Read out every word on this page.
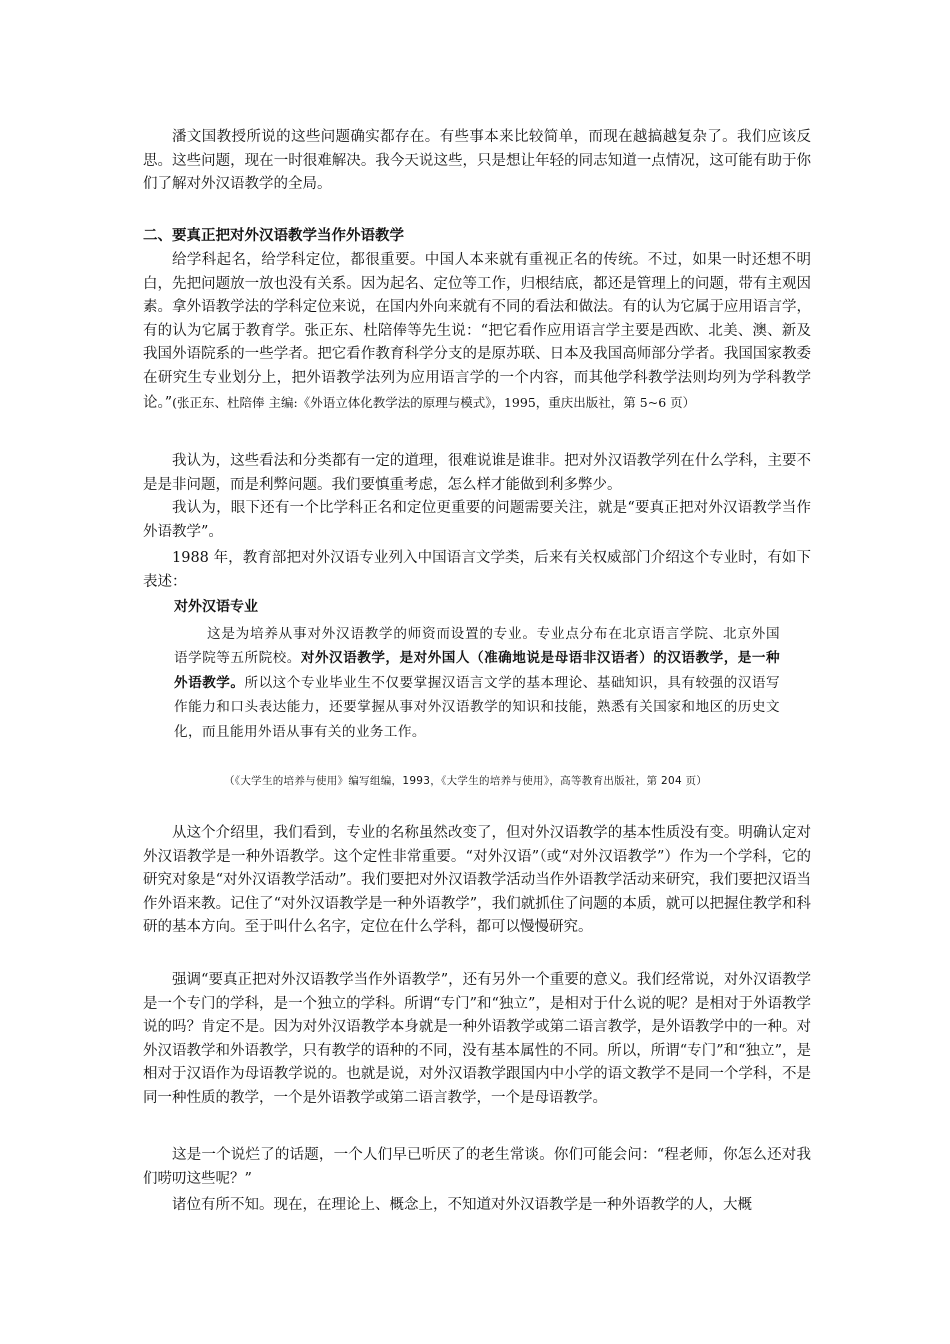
潘文国教授所说的这些问题确实都存在。有些事本来比较简单，而现在越搞越复杂了。我们应该反思。这些问题，现在一时很难解决。我今天说这些，只是想让年轻的同志知道一点情况，这可能有助于你们了解对外汉语教学的全局。

二、要真正把对外汉语教学当作外语教学

给学科起名，给学科定位，都很重要。中国人本来就有重视正名的传统。不过，如果一时还想不明白，先把问题放一放也没有关系。因为起名、定位等工作，归根结底，都还是管理上的问题，带有主观因素。拿外语教学法的学科定位来说，在国内外向来就有不同的看法和做法。有的认为它属于应用语言学，有的认为它属于教育学。张正东、杜陪俸等先生说：“把它看作应用语言学主要是西欧、北美、澳、新及我国外语院系的一些学者。把它看作教育科学分支的是原苏联、日本及我国高师部分学者。我国国家教委在研究生专业划分上，把外语教学法列为应用语言学的一个内容，而其他学科教学法则均列为学科教学论。”(张正东、杜陪俸 主编:《外语立体化教学法的原理与模式》，1995，重庆出版社，第 5~6 页）

我认为，这些看法和分类都有一定的道理，很难说谁是谁非。把对外汉语教学列在什么学科，主要不是是非问题，而是利弊问题。我们要慎重考虑，怎么样才能做到利多弊少。

我认为，眼下还有一个比学科正名和定位更重要的问题需要关注，就是“要真正把对外汉语教学当作外语教学”。

1988 年，教育部把对外汉语专业列入中国语言文学类，后来有关权威部门介绍这个专业时，有如下表述：

对外汉语专业

这是为培养从事对外汉语教学的师资而设置的专业。专业点分布在北京语言学院、北京外国语学院等五所院校。对外汉语教学，是对外国人（准确地说是母语非汉语者）的汉语教学，是一种外语教学。所以这个专业毕业生不仅要掌握汉语言文学的基本理论、基础知识，具有较强的汉语写作能力和口头表达能力，还要掌握从事对外汉语教学的知识和技能，熟悉有关国家和地区的历史文化，而且能用外语从事有关的业务工作。

（《大学生的培养与使用》编写组编，1993，《大学生的培养与使用》，高等教育出版社，第 204 页）

从这个介绍里，我们看到，专业的名称虽然改变了，但对外汉语教学的基本性质没有变。明确认定对外汉语教学是一种外语教学。这个定性非常重要。“对外汉语”（或“对外汉语教学”）作为一个学科，它的研究对象是“对外汉语教学活动”。我们要把对外汉语教学活动当作外语教学活动来研究，我们要把汉语当作外语来教。记住了“对外汉语教学是一种外语教学”，我们就抓住了问题的本质，就可以把握住教学和科研的基本方向。至于叫什么名字，定位在什么学科，都可以慢慢研究。

强调“要真正把对外汉语教学当作外语教学”，还有另外一个重要的意义。我们经常说，对外汉语教学是一个专门的学科，是一个独立的学科。所谓“专门”和“独立”，是相对于什么说的呢？是相对于外语教学说的吗？肯定不是。因为对外汉语教学本身就是一种外语教学或第二语言教学，是外语教学中的一种。对外汉语教学和外语教学，只有教学的语种的不同，没有基本属性的不同。所以，所谓“专门”和“独立”，是相对于汉语作为母语教学说的。也就是说，对外汉语教学跟国内中小学的语文教学不是同一个学科，不是同一种性质的教学，一个是外语教学或第二语言教学，一个是母语教学。

这是一个说烂了的话题，一个人们早已听厌了的老生常谈。你们可能会问：“程老师，你怎么还对我们唠叨这些呢？”

诸位有所不知。现在，在理论上、概念上，不知道对外汉语教学是一种外语教学的人，大概
